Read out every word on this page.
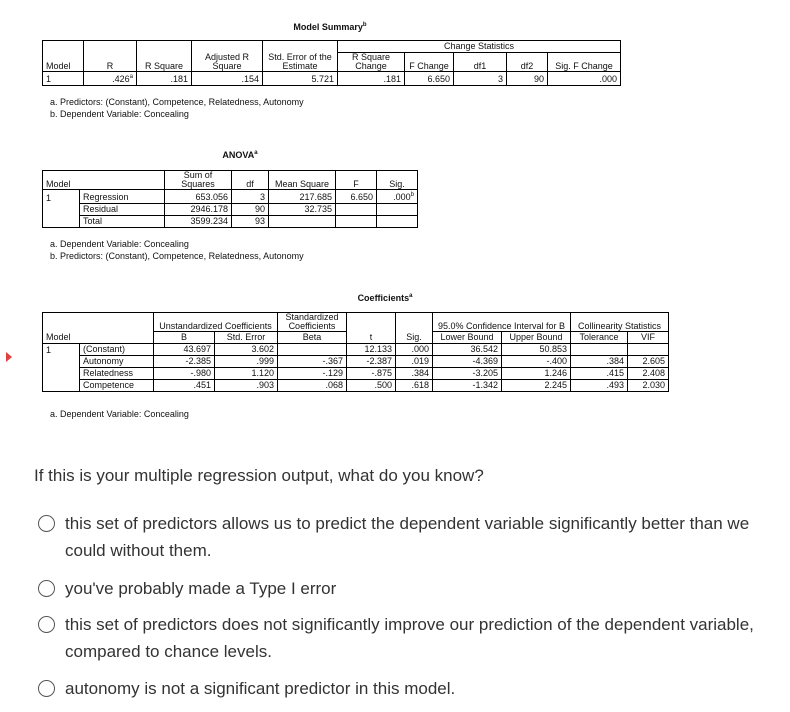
Model Summary$^b$
					Change Statistics				
Model	R	R Square	Adjusted R Square	Std. Error of the Estimate	R Square Change	F Change	df1	df2	Sig. F Change
1	.426$^a$	.181	.154	5.721	.181	6.650	3	90	.000
a. Predictors: (Constant), Competence, Relatedness, Autonomy
b. Dependent Variable: Concealing
ANOVA$^a$
Model		Sum of Squares	df	Mean Square	F	Sig.
1	Regression	653.056	3	217.685	6.650	.000$^b$
	Residual	2946.178	90	32.735		
	Total	3599.234	93			
a. Dependent Variable: Concealing
b. Predictors: (Constant), Competence, Relatedness, Autonomy
Coefficients$^a$
		Unstandardized Coefficients		Standardized Coefficients			95.0% Confidence Interval for B		Collinearity Statistics	
Model		B	Std. Error	Beta	t	Sig.	Lower Bound	Upper Bound	Tolerance	VIF
1	(Constant)	43.697	3.602		12.133	.000	36.542	50.853		
	Autonomy	-2.385	.999	-.367	-2.387	.019	-4.369	-.400	.384	2.605
	Relatedness	-.980	1.120	-.129	-.875	.384	-3.205	1.246	.415	2.408
	Competence	.451	.903	.068	.500	.618	-1.342	2.245	.493	2.030
a. Dependent Variable: Concealing
If this is your multiple regression output, what do you know?
this set of predictors allows us to predict the dependent variable significantly better than we could without them.
you've probably made a Type I error
this set of predictors does not significantly improve our prediction of the dependent variable, compared to chance levels.
autonomy is not a significant predictor in this model.
